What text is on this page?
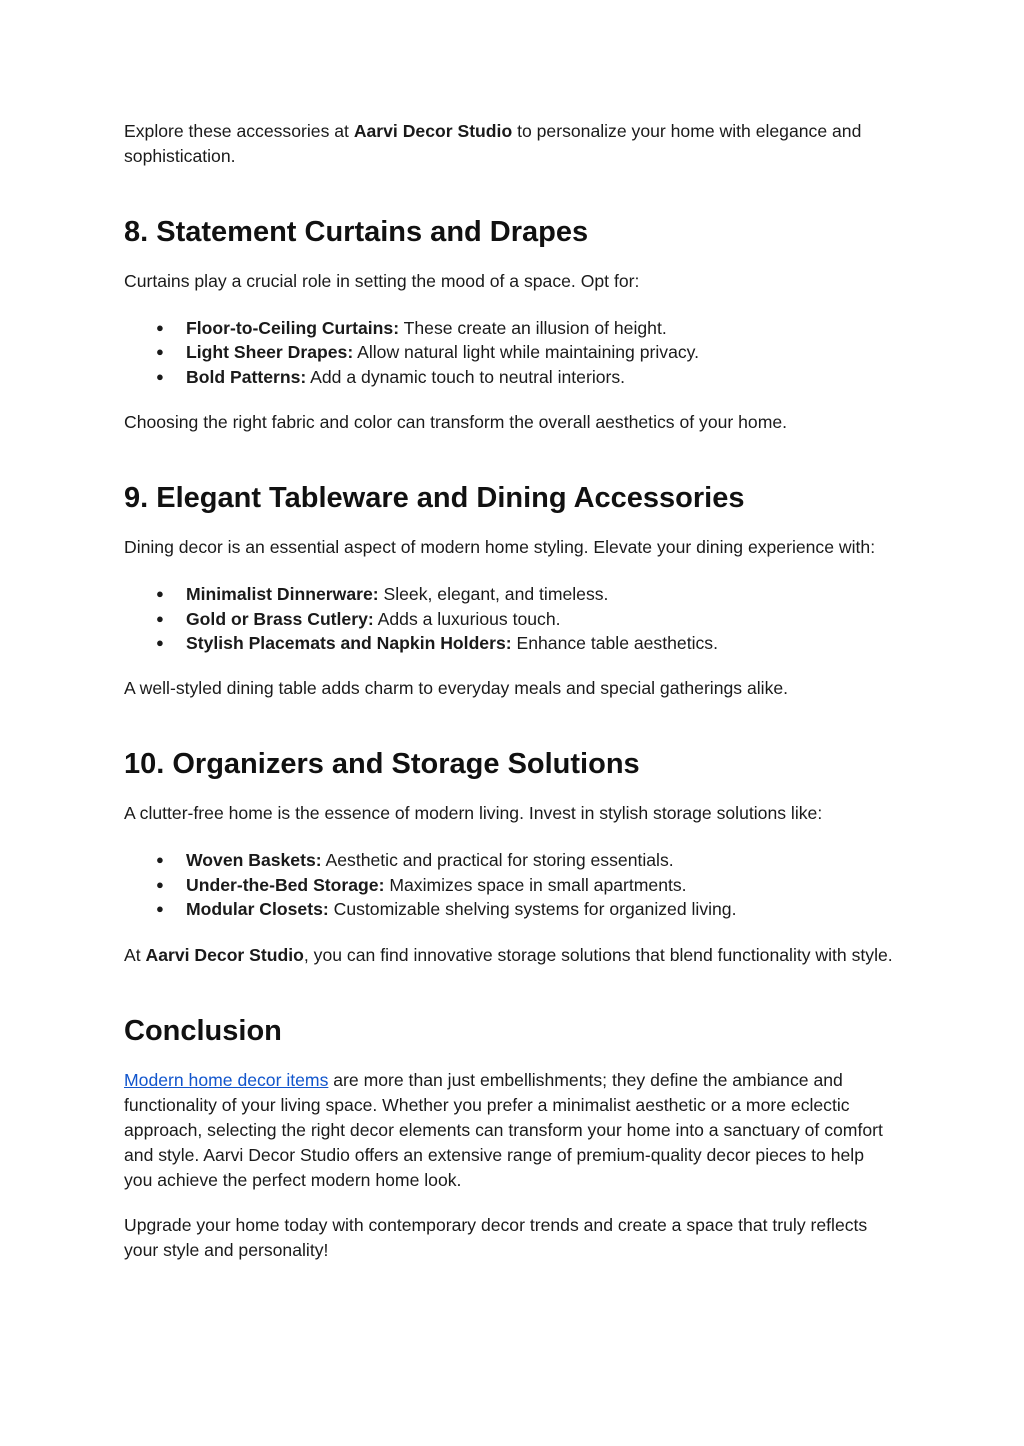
Explore these accessories at Aarvi Decor Studio to personalize your home with elegance and sophistication.

8. Statement Curtains and Drapes

Curtains play a crucial role in setting the mood of a space. Opt for:

● Floor-to-Ceiling Curtains: These create an illusion of height.
● Light Sheer Drapes: Allow natural light while maintaining privacy.
● Bold Patterns: Add a dynamic touch to neutral interiors.

Choosing the right fabric and color can transform the overall aesthetics of your home.

9. Elegant Tableware and Dining Accessories

Dining decor is an essential aspect of modern home styling. Elevate your dining experience with:

● Minimalist Dinnerware: Sleek, elegant, and timeless.
● Gold or Brass Cutlery: Adds a luxurious touch.
● Stylish Placemats and Napkin Holders: Enhance table aesthetics.

A well-styled dining table adds charm to everyday meals and special gatherings alike.

10. Organizers and Storage Solutions

A clutter-free home is the essence of modern living. Invest in stylish storage solutions like:

● Woven Baskets: Aesthetic and practical for storing essentials.
● Under-the-Bed Storage: Maximizes space in small apartments.
● Modular Closets: Customizable shelving systems for organized living.

At Aarvi Decor Studio, you can find innovative storage solutions that blend functionality with style.

Conclusion

Modern home decor items are more than just embellishments; they define the ambiance and functionality of your living space. Whether you prefer a minimalist aesthetic or a more eclectic approach, selecting the right decor elements can transform your home into a sanctuary of comfort and style. Aarvi Decor Studio offers an extensive range of premium-quality decor pieces to help you achieve the perfect modern home look.

Upgrade your home today with contemporary decor trends and create a space that truly reflects your style and personality!
